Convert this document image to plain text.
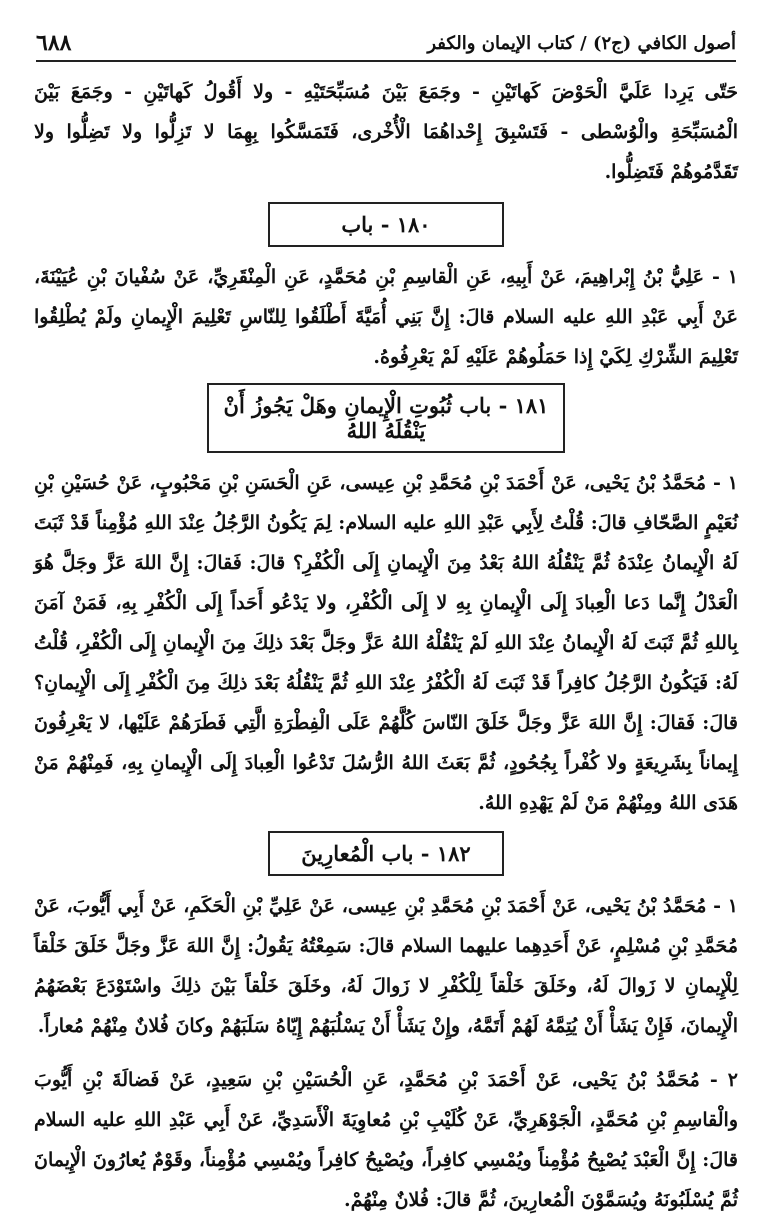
٦٨٨	أصول الكافي (ج٢) / كتاب الإيمان والكفر

حَتّى يَرِدا عَلَيَّ الْحَوْضَ كَهاتَيْنِ - وجَمَعَ بَيْنَ مُسَبِّحَتَيْهِ - ولا أَقُولُ كَهاتَيْنِ - وجَمَعَ بَيْنَ الْمُسَبِّحَةِ والْوُسْطى - فَتَسْبِقَ إِحْداهُمَا الْأُخْرى، فَتَمَسَّكُوا بِهِمَا لا تَزِلُّوا ولا تَضِلُّوا ولا تَقَدَّمُوهُمْ فَتَضِلُّوا.

١٨٠ - باب

١ - عَلِيُّ بْنُ إِبْراهِيمَ، عَنْ أَبِيهِ، عَنِ الْقاسِمِ بْنِ مُحَمَّدٍ، عَنِ الْمِنْقَرِيِّ، عَنْ سُفْيانَ بْنِ عُيَيْنَةَ، عَنْ أَبِي عَبْدِ اللهِ عليه السلام قالَ: إِنَّ بَنِي أُمَيَّةَ أَطْلَقُوا لِلنّاسِ تَعْلِيمَ الْإِيمانِ ولَمْ يُطْلِقُوا تَعْلِيمَ الشِّرْكِ لِكَيْ إِذا حَمَلُوهُمْ عَلَيْهِ لَمْ يَعْرِفُوهُ.

١٨١ - باب ثُبُوتِ الْإِيمانِ وهَلْ يَجُوزُ أَنْ يَنْقُلَهُ اللهُ

١ - مُحَمَّدُ بْنُ يَحْيى، عَنْ أَحْمَدَ بْنِ مُحَمَّدِ بْنِ عِيسى، عَنِ الْحَسَنِ بْنِ مَحْبُوبٍ، عَنْ حُسَيْنِ بْنِ نُعَيْمٍ الصَّحّافِ قالَ: قُلْتُ لِأَبِي عَبْدِ اللهِ عليه السلام: لِمَ يَكُونُ الرَّجُلُ عِنْدَ اللهِ مُؤْمِناً قَدْ ثَبَتَ لَهُ الْإِيمانُ عِنْدَهُ ثُمَّ يَنْقُلُهُ اللهُ بَعْدُ مِنَ الْإِيمانِ إِلَى الْكُفْرِ؟ قالَ: فَقالَ: إِنَّ اللهَ عَزَّ وجَلَّ هُوَ الْعَدْلُ إِنَّما دَعا الْعِبادَ إِلَى الْإِيمانِ بِهِ لا إِلَى الْكُفْرِ، ولا يَدْعُو أَحَداً إِلَى الْكُفْرِ بِهِ، فَمَنْ آمَنَ بِاللهِ ثُمَّ ثَبَتَ لَهُ الْإِيمانُ عِنْدَ اللهِ لَمْ يَنْقُلْهُ اللهُ عَزَّ وجَلَّ بَعْدَ ذلِكَ مِنَ الْإِيمانِ إِلَى الْكُفْرِ، قُلْتُ لَهُ: فَيَكُونُ الرَّجُلُ كافِراً قَدْ ثَبَتَ لَهُ الْكُفْرُ عِنْدَ اللهِ ثُمَّ يَنْقُلُهُ بَعْدَ ذلِكَ مِنَ الْكُفْرِ إِلَى الْإِيمانِ؟ قالَ: فَقالَ: إِنَّ اللهَ عَزَّ وجَلَّ خَلَقَ النّاسَ كُلَّهُمْ عَلَى الْفِطْرَةِ الَّتِي فَطَرَهُمْ عَلَيْها، لا يَعْرِفُونَ إِيماناً بِشَرِيعَةٍ ولا كُفْراً بِجُحُودٍ، ثُمَّ بَعَثَ اللهُ الرُّسُلَ تَدْعُوا الْعِبادَ إِلَى الْإِيمانِ بِهِ، فَمِنْهُمْ مَنْ هَدَى اللهُ ومِنْهُمْ مَنْ لَمْ يَهْدِهِ اللهُ.

١٨٢ - باب الْمُعارِينَ

١ - مُحَمَّدُ بْنُ يَحْيى، عَنْ أَحْمَدَ بْنِ مُحَمَّدِ بْنِ عِيسى، عَنْ عَلِيِّ بْنِ الْحَكَمِ، عَنْ أَبِي أَيُّوبَ، عَنْ مُحَمَّدِ بْنِ مُسْلِمٍ، عَنْ أَحَدِهِما عليهما السلام قالَ: سَمِعْتُهُ يَقُولُ: إِنَّ اللهَ عَزَّ وجَلَّ خَلَقَ خَلْقاً لِلْإِيمانِ لا زَوالَ لَهُ، وخَلَقَ خَلْقاً لِلْكُفْرِ لا زَوالَ لَهُ، وخَلَقَ خَلْقاً بَيْنَ ذلِكَ واسْتَوْدَعَ بَعْضَهُمُ الْإِيمانَ، فَإِنْ يَشَأْ أَنْ يُتِمَّهُ لَهُمْ أَتَمَّهُ، وإِنْ يَشَأْ أَنْ يَسْلُبَهُمْ إِيّاهُ سَلَبَهُمْ وكانَ فُلانٌ مِنْهُمْ مُعاراً.

٢ - مُحَمَّدُ بْنُ يَحْيى، عَنْ أَحْمَدَ بْنِ مُحَمَّدٍ، عَنِ الْحُسَيْنِ بْنِ سَعِيدٍ، عَنْ فَضالَةَ بْنِ أَيُّوبَ والْقاسِمِ بْنِ مُحَمَّدٍ، الْجَوْهَرِيِّ، عَنْ كُلَيْبِ بْنِ مُعاوِيَةَ الْأَسَدِيِّ، عَنْ أَبِي عَبْدِ اللهِ عليه السلام قالَ: إِنَّ الْعَبْدَ يُصْبِحُ مُؤْمِناً ويُمْسِي كافِراً، ويُصْبِحُ كافِراً ويُمْسِي مُؤْمِناً، وقَوْمٌ يُعارُونَ الْإِيمانَ ثُمَّ يُسْلَبُونَهُ ويُسَمَّوْنَ الْمُعارِينَ، ثُمَّ قالَ: فُلانٌ مِنْهُمْ.
